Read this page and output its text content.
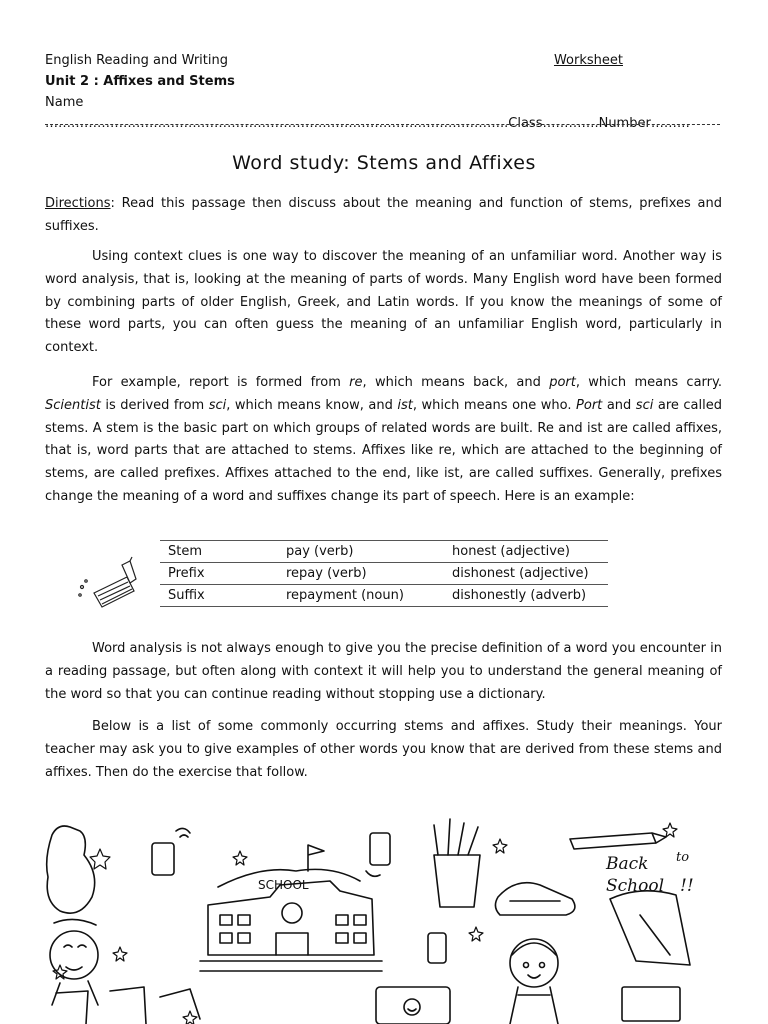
English Reading and Writing	Worksheet
Unit 2 : Affixes and Stems
Name ……………………………………………………………………………………………..Class………….Number………
Word study: Stems and Affixes

Directions: Read this passage then discuss about the meaning and function of stems, prefixes and suffixes.

Using context clues is one way to discover the meaning of an unfamiliar word. Another way is word analysis, that is, looking at the meaning of parts of words. Many English word have been formed by combining parts of older English, Greek, and Latin words. If you know the meanings of some of these word parts, you can often guess the meaning of an unfamiliar English word, particularly in context.

For example, report is formed from re, which means back, and port, which means carry. Scientist is derived from sci, which means know, and ist, which means one who. Port and sci are called stems. A stem is the basic part on which groups of related words are built. Re and ist are called affixes, that is, word parts that are attached to stems. Affixes like re, which are attached to the beginning of stems, are called prefixes. Affixes attached to the end, like ist, are called suffixes. Generally, prefixes change the meaning of a word and suffixes change its part of speech. Here is an example:

Stem	pay (verb)	honest (adjective)
Prefix	repay (verb)	dishonest (adjective)
Suffix	repayment (noun)	dishonestly (adverb)

Word analysis is not always enough to give you the precise definition of a word you encounter in a reading passage, but often along with context it will help you to understand the general meaning of the word so that you can continue reading without stopping use a dictionary.

Below is a list of some commonly occurring stems and affixes. Study their meanings. Your teacher may ask you to give examples of other words you know that are derived from these stems and affixes. Then do the exercise that follow.

SCHOOL
Back to
School !!
